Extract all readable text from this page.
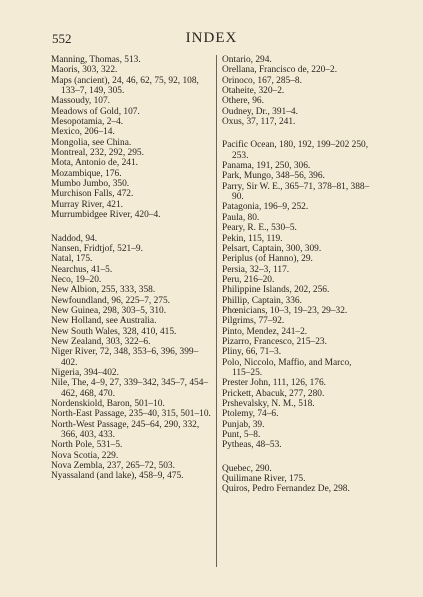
552	INDEX
Manning, Thomas, 513.
Maoris, 303, 322.
Maps (ancient), 24, 46, 62, 75, 92, 108, 133–7, 149, 305.
Massoudy, 107.
Meadows of Gold, 107.
Mesopotamia, 2–4.
Mexico, 206–14.
Mongolia, see China.
Montreal, 232, 292, 295.
Mota, Antonio de, 241.
Mozambique, 176.
Mumbo Jumbo, 350.
Murchison Falls, 472.
Murray River, 421.
Murrumbidgee River, 420–4.
Naddod, 94.
Nansen, Fridtjof, 521–9.
Natal, 175.
Nearchus, 41–5.
Neco, 19–20.
New Albion, 255, 333, 358.
Newfoundland, 96, 225–7, 275.
New Guinea, 298, 303–5, 310.
New Holland, see Australia.
New South Wales, 328, 410, 415.
New Zealand, 303, 322–6.
Niger River, 72, 348, 353–6, 396, 399–402.
Nigeria, 394–402.
Nile, The, 4–9, 27, 339–342, 345–7, 454–462, 468, 470.
Nordenskiold, Baron, 501–10.
North-East Passage, 235–40, 315, 501–10.
North-West Passage, 245–64, 290, 332, 366, 403, 433.
North Pole, 531–5.
Nova Scotia, 229.
Nova Zembla, 237, 265–72, 503.
Nyassaland (and lake), 458–9, 475.
Ontario, 294.
Orellana, Francisco de, 220–2.
Orinoco, 167, 285–8.
Otaheite, 320–2.
Othere, 96.
Oudney, Dr., 391–4.
Oxus, 37, 117, 241.
Pacific Ocean, 180, 192, 199–202 250, 253.
Panama, 191, 250, 306.
Park, Mungo, 348–56, 396.
Parry, Sir W. E., 365–71, 378–81, 388–90.
Patagonia, 196–9, 252.
Paula, 80.
Peary, R. E., 530–5.
Pekin, 115, 119.
Pelsart, Captain, 300, 309.
Periplus (of Hanno), 29.
Persia, 32–3, 117.
Peru, 216–20.
Philippine Islands, 202, 256.
Phillip, Captain, 336.
Phœnicians, 10–3, 19–23, 29–32.
Pilgrims, 77–92.
Pinto, Mendez, 241–2.
Pizarro, Francesco, 215–23.
Pliny, 66, 71–3.
Polo, Niccolo, Maffio, and Marco, 115–25.
Prester John, 111, 126, 176.
Prickett, Abacuk, 277, 280.
Prshevalsky, N. M., 518.
Ptolemy, 74–6.
Punjab, 39.
Punt, 5–8.
Pytheas, 48–53.
Quebec, 290.
Quilimane River, 175.
Quiros, Pedro Fernandez De, 298.
